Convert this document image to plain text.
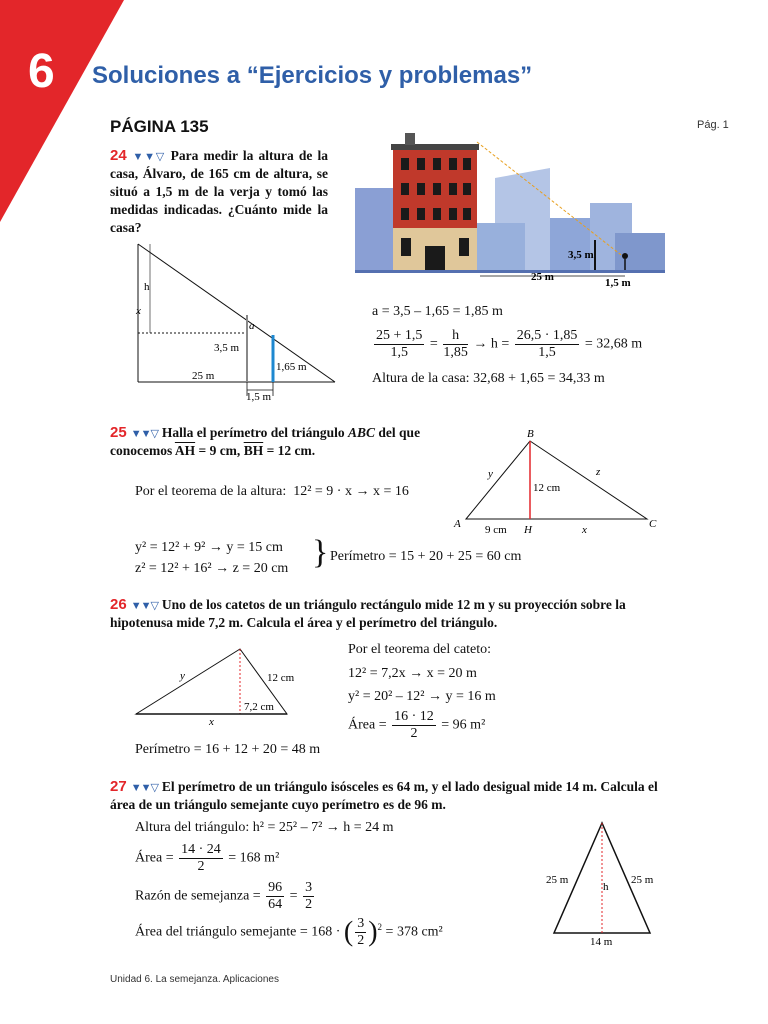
6 Soluciones a “Ejercicios y problemas”
PÁGINA 135	Pág. 1
24 ▼▼▽ Para medir la altura de la casa, Álvaro, de 165 cm de altura, se situó a 1,5 m de la verja y tomó las medidas indicadas. ¿Cuánto mide la casa?
h
x
a
3,5 m
1,65 m
25 m
1,5 m
3,5 m
25 m	1,5 m
a = 3,5 – 1,65 = 1,85 m
$\frac{25 + 1,5}{1,5} = \frac{h}{1,85} \to h = \frac{26,5 \cdot 1,85}{1,5} = 32,68$ m
Altura de la casa: 32,68 + 1,65 = 34,33 m
25 ▼▼▽ Halla el perímetro del triángulo ABC del que conocemos $\overline{AH} = 9$ cm, $\overline{BH} = 12$ cm.
Por el teorema de la altura: 12² = 9 · x → x = 16
y² = 12² + 9² → y = 15 cm
z² = 12² + 16² → z = 20 cm } Perímetro = 15 + 20 + 25 = 60 cm
B
A	C
H
y	z
x
12 cm
9 cm
26 ▼▼▽ Uno de los catetos de un triángulo rectángulo mide 12 m y su proyección sobre la hipotenusa mide 7,2 m. Calcula el área y el perímetro del triángulo.
y	12 cm
7,2 cm
x
Por el teorema del cateto:
12² = 7,2x → x = 20 m
y² = 20² – 12² → y = 16 m
Área = $\frac{16 \cdot 12}{2} = 96$ m²
Perímetro = 16 + 12 + 20 = 48 m
27 ▼▼▽ El perímetro de un triángulo isósceles es 64 m, y el lado desigual mide 14 m. Calcula el área de un triángulo semejante cuyo perímetro es de 96 m.
Altura del triángulo: h² = 25² – 7² → h = 24 m
Área = $\frac{14 \cdot 24}{2} = 168$ m²
Razón de semejanza = $\frac{96}{64} = \frac{3}{2}$
Área del triángulo semejante = 168 · ( $\frac{3}{2} )^2 = 378$ cm²
25 m	25 m
h
14 m
Unidad 6. La semejanza. Aplicaciones
